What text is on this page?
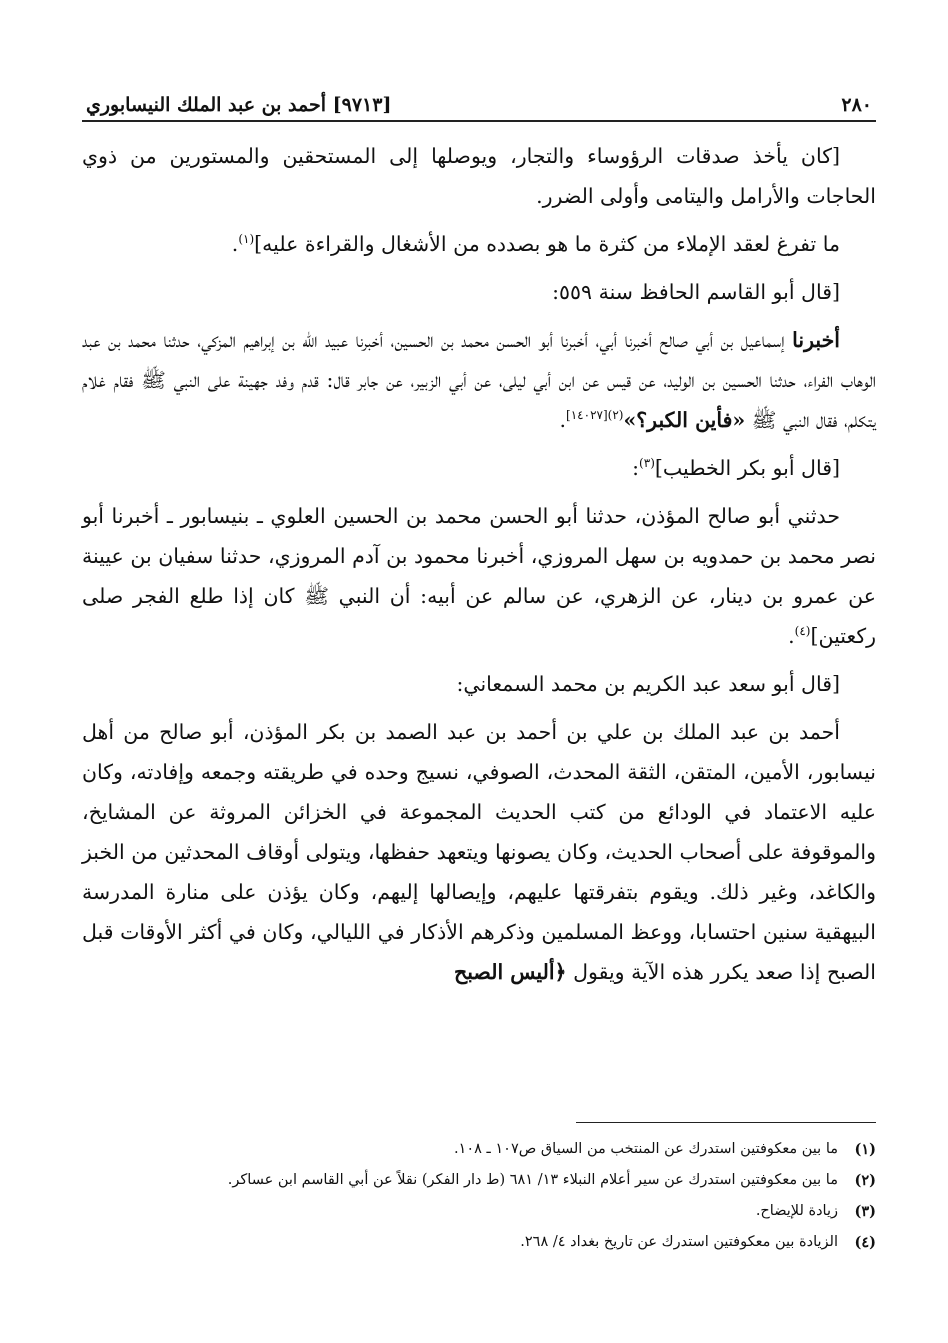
٢٨٠
[٩٧١٣] أحمد بن عبد الملك النيسابوري

[كان يأخذ صدقات الرؤوساء والتجار، ويوصلها إلى المستحقين والمستورين من ذوي الحاجات والأرامل واليتامى وأولى الضرر.

ما تفرغ لعقد الإملاء من كثرة ما هو بصدده من الأشغال والقراءة عليه]$^{(١)}$.

[قال أبو القاسم الحافظ سنة ٥٥٩:

أخبرنا إسماعيل بن أبي صالح أخبرنا أبي، أخبرنا أبو الحسن محمد بن الحسين، أخبرنا عبيد الله بن إبراهيم المزكي، حدثنا محمد بن عبد الوهاب الفراء، حدثنا الحسين بن الوليد، عن قيس عن ابن أبي ليلى، عن أبي الزبير، عن جابر قال: قدم وفد جهينة على النبي ﷺ فقام غلام يتكلم، فقال النبي ﷺ «فأين الكبر؟»$^{(٢)[١٤٠٢٧]}$.

[قال أبو بكر الخطيب]$^{(٣)}$:

حدثني أبو صالح المؤذن، حدثنا أبو الحسن محمد بن الحسين العلوي ـ بنيسابور ـ أخبرنا أبو نصر محمد بن حمدويه بن سهل المروزي، أخبرنا محمود بن آدم المروزي، حدثنا سفيان بن عيينة عن عمرو بن دينار، عن الزهري، عن سالم عن أبيه: أن النبي ﷺ كان إذا طلع الفجر صلى ركعتين]$^{(٤)}$.

[قال أبو سعد عبد الكريم بن محمد السمعاني:

أحمد بن عبد الملك بن علي بن أحمد بن عبد الصمد بن بكر المؤذن، أبو صالح من أهل نيسابور، الأمين، المتقن، الثقة المحدث، الصوفي، نسيج وحده في طريقته وجمعه وإفادته، وكان عليه الاعتماد في الودائع من كتب الحديث المجموعة في الخزائن المروثة عن المشايخ، والموقوفة على أصحاب الحديث، وكان يصونها ويتعهد حفظها، ويتولى أوقاف المحدثين من الخبز والكاغد، وغير ذلك. ويقوم بتفرقتها عليهم، وإيصالها إليهم، وكان يؤذن على منارة المدرسة البيهقية سنين احتسابا، ووعظ المسلمين وذكرهم الأذكار في الليالي، وكان في أكثر الأوقات قبل الصبح إذا صعد يكرر هذه الآية ويقول ﴿أليس الصبح

(١)
ما بين معكوفتين استدرك عن المنتخب من السياق ص١٠٧ ـ ١٠٨.
(٢)
ما بين معكوفتين استدرك عن سير أعلام النبلاء ١٣/ ٦٨١ (ط دار الفكر) نقلاً عن أبي القاسم ابن عساكر.
(٣)
زيادة للإيضاح.
(٤)
الزيادة بين معكوفتين استدرك عن تاريخ بغداد ٤/ ٢٦٨.
